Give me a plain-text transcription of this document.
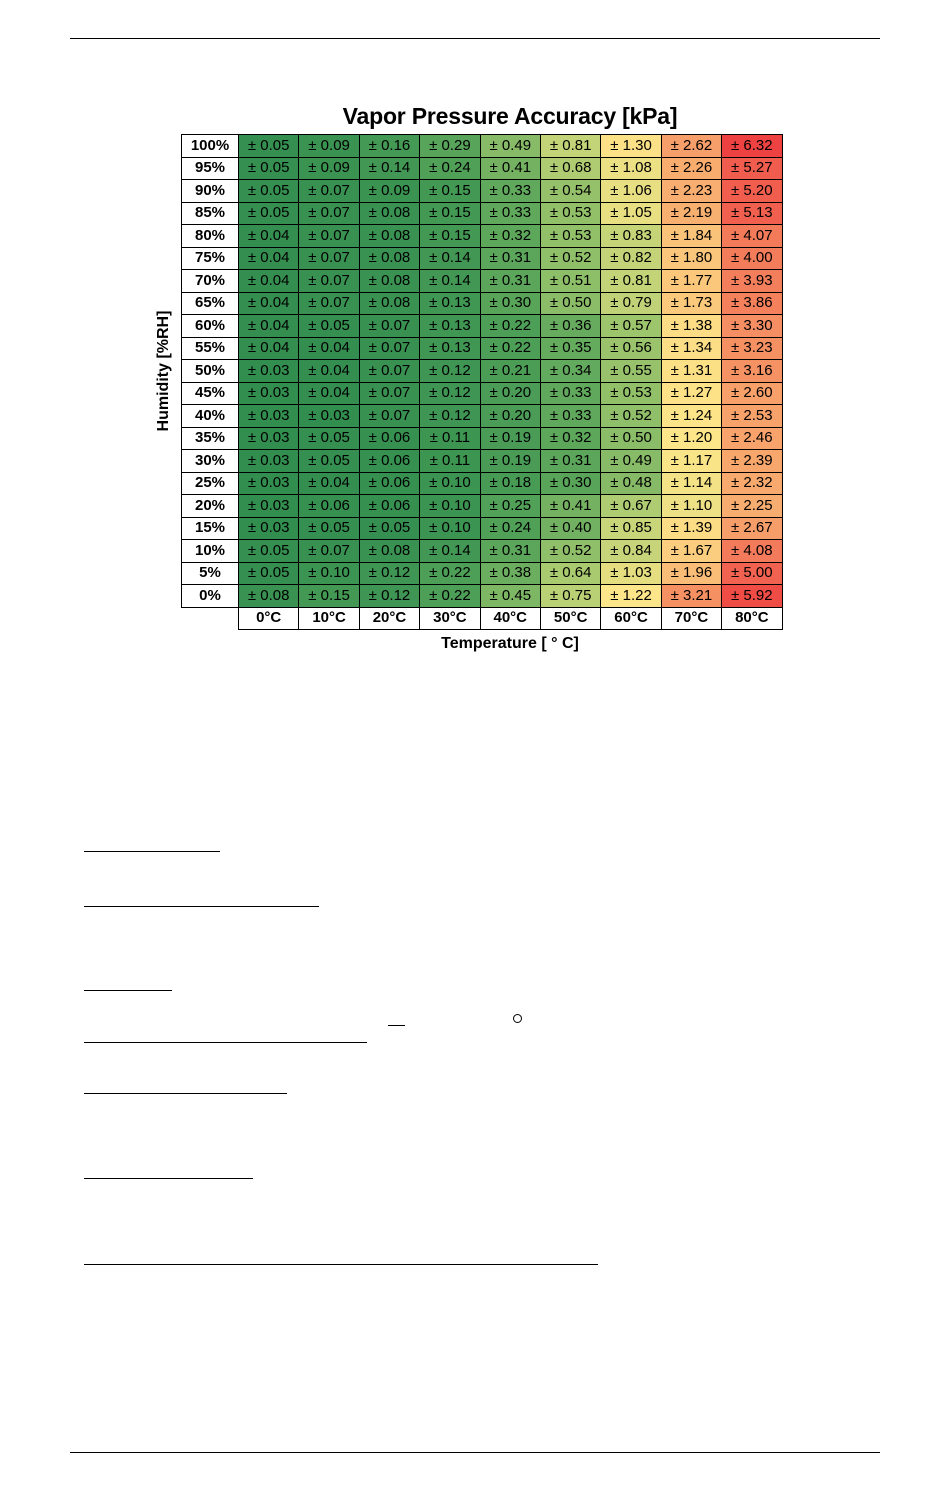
Vapor Pressure Accuracy [kPa]
Humidity [%RH]
100%	± 0.05	± 0.09	± 0.16	± 0.29	± 0.49	± 0.81	± 1.30	± 2.62	± 6.32
95%	± 0.05	± 0.09	± 0.14	± 0.24	± 0.41	± 0.68	± 1.08	± 2.26	± 5.27
90%	± 0.05	± 0.07	± 0.09	± 0.15	± 0.33	± 0.54	± 1.06	± 2.23	± 5.20
85%	± 0.05	± 0.07	± 0.08	± 0.15	± 0.33	± 0.53	± 1.05	± 2.19	± 5.13
80%	± 0.04	± 0.07	± 0.08	± 0.15	± 0.32	± 0.53	± 0.83	± 1.84	± 4.07
75%	± 0.04	± 0.07	± 0.08	± 0.14	± 0.31	± 0.52	± 0.82	± 1.80	± 4.00
70%	± 0.04	± 0.07	± 0.08	± 0.14	± 0.31	± 0.51	± 0.81	± 1.77	± 3.93
65%	± 0.04	± 0.07	± 0.08	± 0.13	± 0.30	± 0.50	± 0.79	± 1.73	± 3.86
60%	± 0.04	± 0.05	± 0.07	± 0.13	± 0.22	± 0.36	± 0.57	± 1.38	± 3.30
55%	± 0.04	± 0.04	± 0.07	± 0.13	± 0.22	± 0.35	± 0.56	± 1.34	± 3.23
50%	± 0.03	± 0.04	± 0.07	± 0.12	± 0.21	± 0.34	± 0.55	± 1.31	± 3.16
45%	± 0.03	± 0.04	± 0.07	± 0.12	± 0.20	± 0.33	± 0.53	± 1.27	± 2.60
40%	± 0.03	± 0.03	± 0.07	± 0.12	± 0.20	± 0.33	± 0.52	± 1.24	± 2.53
35%	± 0.03	± 0.05	± 0.06	± 0.11	± 0.19	± 0.32	± 0.50	± 1.20	± 2.46
30%	± 0.03	± 0.05	± 0.06	± 0.11	± 0.19	± 0.31	± 0.49	± 1.17	± 2.39
25%	± 0.03	± 0.04	± 0.06	± 0.10	± 0.18	± 0.30	± 0.48	± 1.14	± 2.32
20%	± 0.03	± 0.06	± 0.06	± 0.10	± 0.25	± 0.41	± 0.67	± 1.10	± 2.25
15%	± 0.03	± 0.05	± 0.05	± 0.10	± 0.24	± 0.40	± 0.85	± 1.39	± 2.67
10%	± 0.05	± 0.07	± 0.08	± 0.14	± 0.31	± 0.52	± 0.84	± 1.67	± 4.08
5%	± 0.05	± 0.10	± 0.12	± 0.22	± 0.38	± 0.64	± 1.03	± 1.96	± 5.00
0%	± 0.08	± 0.15	± 0.12	± 0.22	± 0.45	± 0.75	± 1.22	± 3.21	± 5.92
	0°C	10°C	20°C	30°C	40°C	50°C	60°C	70°C	80°C
Temperature [ ° C]
